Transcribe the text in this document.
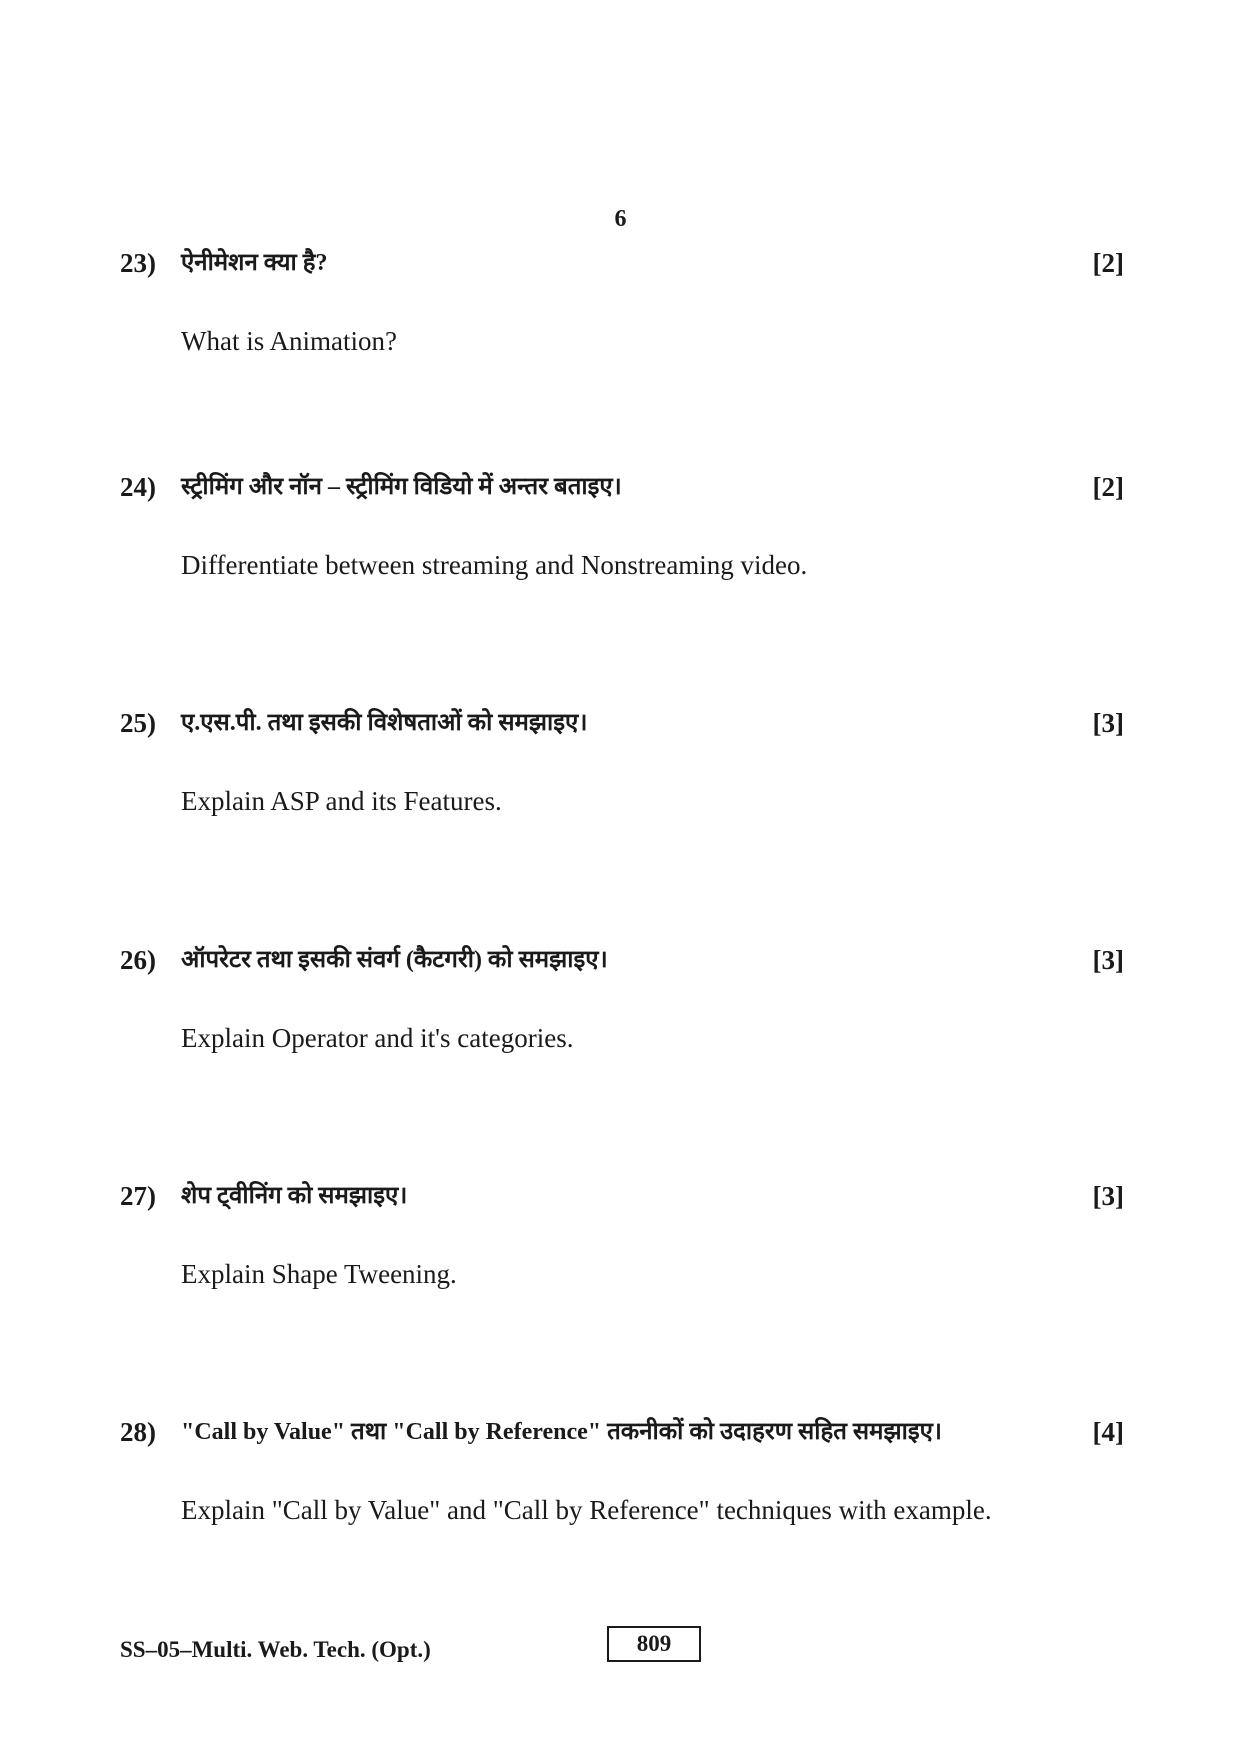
6
23) ऐनीमेशन क्या है?	[2]
What is Animation?
24) स्ट्रीमिंग और नॉन – स्ट्रीमिंग विडियो में अन्तर बताइए।	[2]
Differentiate between streaming and Nonstreaming video.
25) ए.एस.पी. तथा इसकी विशेषताओं को समझाइए।	[3]
Explain ASP and its Features.
26) ऑपरेटर तथा इसकी संवर्ग (कैटगरी) को समझाइए।	[3]
Explain Operator and it's categories.
27) शेप ट्वीनिंग को समझाइए।	[3]
Explain Shape Tweening.
28) "Call by Value" तथा "Call by Reference" तकनीकों को उदाहरण सहित समझाइए।	[4]
Explain "Call by Value" and "Call by Reference" techniques with example.
SS–05–Multi. Web. Tech. (Opt.)	809
